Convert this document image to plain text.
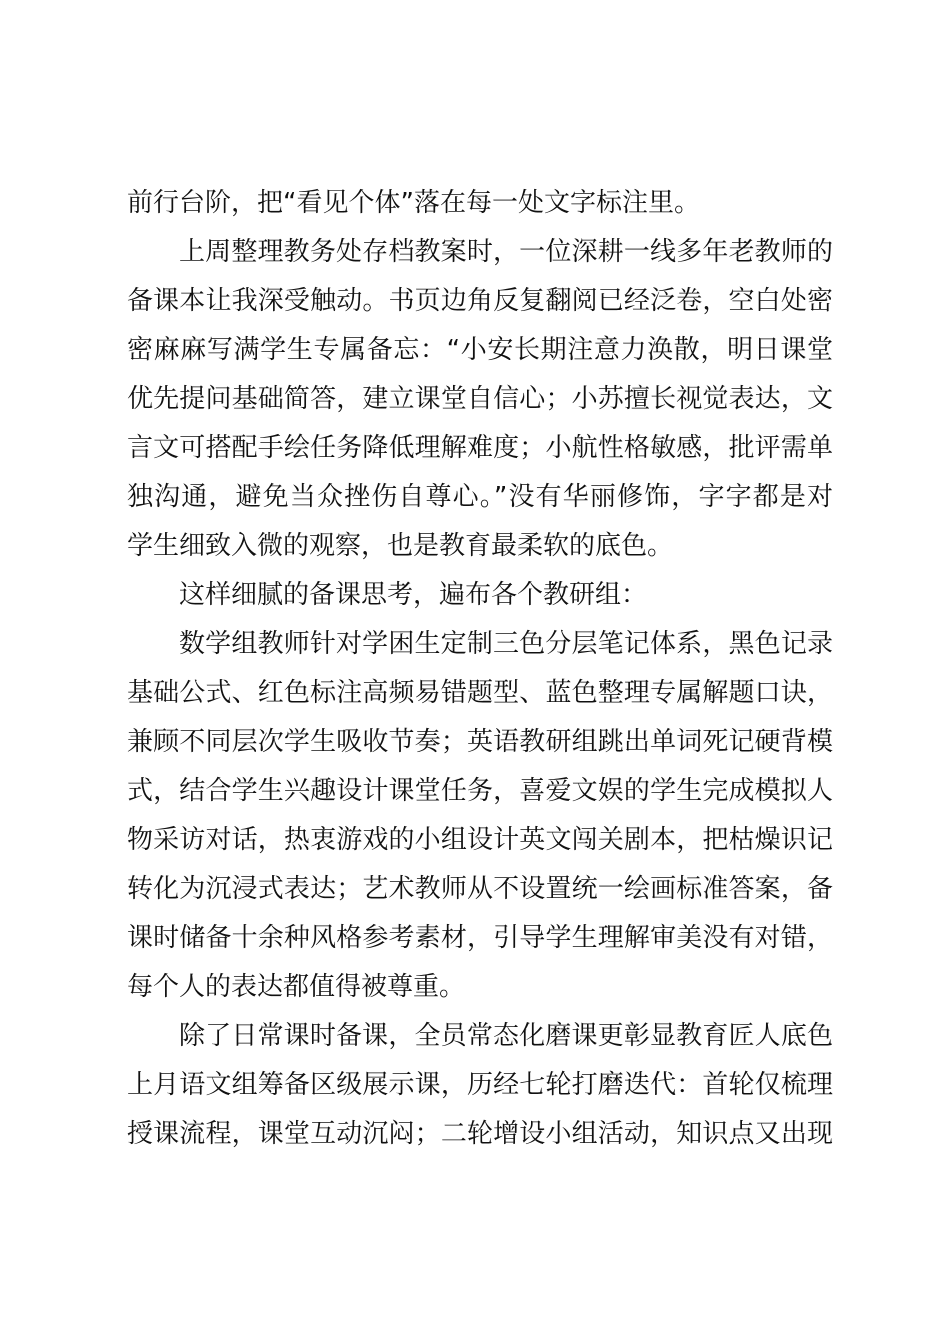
前行台阶，把“看见个体”落在每一处文字标注里。
上周整理教务处存档教案时，一位深耕一线多年老教师的
备课本让我深受触动。书页边角反复翻阅已经泛卷，空白处密
密麻麻写满学生专属备忘：“小安长期注意力涣散，明日课堂
优先提问基础简答，建立课堂自信心；小苏擅长视觉表达，文
言文可搭配手绘任务降低理解难度；小航性格敏感，批评需单
独沟通，避免当众挫伤自尊心。”没有华丽修饰，字字都是对
学生细致入微的观察，也是教育最柔软的底色。
这样细腻的备课思考，遍布各个教研组：
数学组教师针对学困生定制三色分层笔记体系，黑色记录
基础公式、红色标注高频易错题型、蓝色整理专属解题口诀，
兼顾不同层次学生吸收节奏；英语教研组跳出单词死记硬背模
式，结合学生兴趣设计课堂任务，喜爱文娱的学生完成模拟人
物采访对话，热衷游戏的小组设计英文闯关剧本，把枯燥识记
转化为沉浸式表达；艺术教师从不设置统一绘画标准答案，备
课时储备十余种风格参考素材，引导学生理解审美没有对错，
每个人的表达都值得被尊重。
除了日常课时备课，全员常态化磨课更彰显教育匠人底色
上月语文组筹备区级展示课，历经七轮打磨迭代：首轮仅梳理
授课流程，课堂互动沉闷；二轮增设小组活动，知识点又出现
